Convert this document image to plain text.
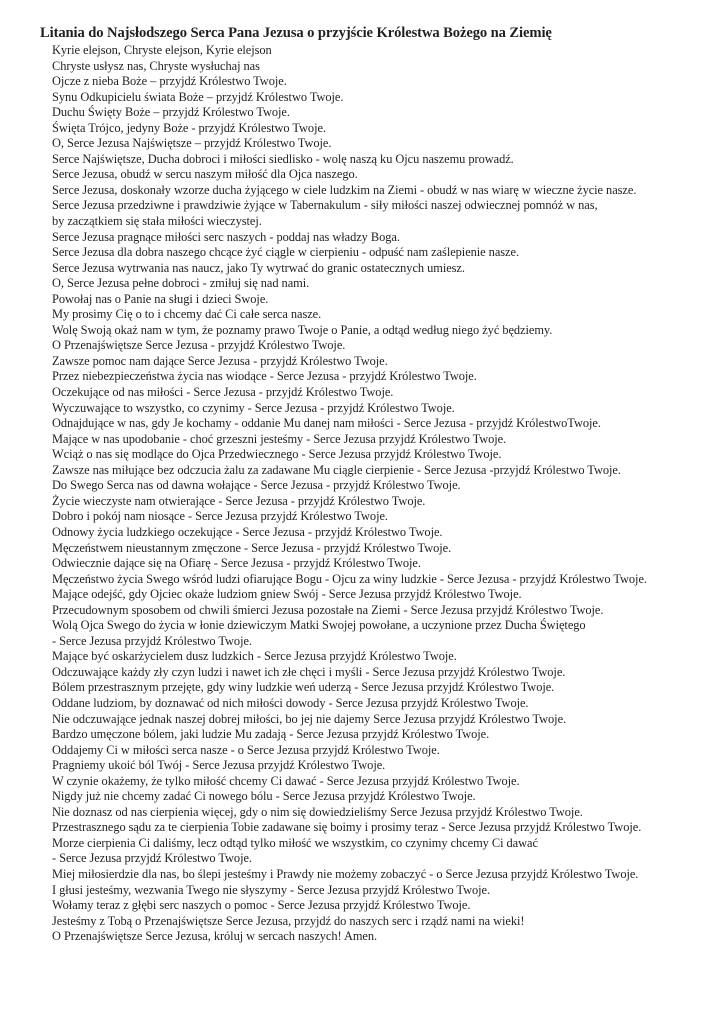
Litania do Najsłodszego Serca Pana Jezusa o przyjście Królestwa Bożego na Ziemię
Kyrie elejson, Chryste elejson, Kyrie elejson
Chryste usłysz nas, Chryste wysłuchaj nas
Ojcze z nieba Boże – przyjdź Królestwo Twoje.
Synu Odkupicielu świata Boże – przyjdź Królestwo Twoje.
Duchu Święty Boże – przyjdź Królestwo Twoje.
Święta Trójco, jedyny Boże - przyjdź Królestwo Twoje.
O, Serce Jezusa Najświętsze – przyjdź Królestwo Twoje.
Serce Najświętsze, Ducha dobroci i miłości siedlisko - wolę naszą ku Ojcu naszemu prowadź.
Serce Jezusa, obudź w sercu naszym miłość dla Ojca naszego.
Serce Jezusa, doskonały wzorze ducha żyjącego w ciele ludzkim na Ziemi - obudź w nas wiarę w wieczne życie nasze.
Serce Jezusa przedziwne i prawdziwie żyjące w Tabernakulum - siły miłości naszej odwiecznej pomnóż w nas,
by zaczątkiem się stała miłości wieczystej.
Serce Jezusa pragnące miłości serc naszych - poddaj nas władzy Boga.
Serce Jezusa dla dobra naszego chcące żyć ciągle w cierpieniu - odpuść nam zaślepienie nasze.
Serce Jezusa wytrwania nas naucz, jako Ty wytrwać do granic ostatecznych umiesz.
O, Serce Jezusa pełne dobroci - zmiłuj się nad nami.
Powołaj nas o Panie na sługi i dzieci Swoje.
My prosimy Cię o to i chcemy dać Ci całe serca nasze.
Wolę Swoją okaż nam w tym, że poznamy prawo Twoje o Panie, a odtąd według niego żyć będziemy.
O Przenajświętsze Serce Jezusa - przyjdź Królestwo Twoje.
Zawsze pomoc nam dające Serce Jezusa - przyjdź Królestwo Twoje.
Przez niebezpieczeństwa życia nas wiodące - Serce Jezusa - przyjdź Królestwo Twoje.
Oczekujące od nas miłości - Serce Jezusa - przyjdź Królestwo Twoje.
Wyczuwające to wszystko, co czynimy - Serce Jezusa - przyjdź Królestwo Twoje.
Odnajdujące w nas, gdy Je kochamy - oddanie Mu danej nam miłości - Serce Jezusa - przyjdź KrólestwoTwoje.
Mające w nas upodobanie - choć grzeszni jesteśmy - Serce Jezusa przyjdź Królestwo Twoje.
Wciąż o nas się modlące do Ojca Przedwiecznego - Serce Jezusa przyjdź Królestwo Twoje.
Zawsze nas miłujące bez odczucia żalu za zadawane Mu ciągle cierpienie - Serce Jezusa -przyjdź Królestwo Twoje.
Do Swego Serca nas od dawna wołające - Serce Jezusa - przyjdź Królestwo Twoje.
Życie wieczyste nam otwierające - Serce Jezusa - przyjdź Królestwo Twoje.
Dobro i pokój nam niosące - Serce Jezusa przyjdź Królestwo Twoje.
Odnowy życia ludzkiego oczekujące - Serce Jezusa - przyjdź Królestwo Twoje.
Męczeństwem nieustannym zmęczone - Serce Jezusa - przyjdź Królestwo Twoje.
Odwiecznie dające się na Ofiarę - Serce Jezusa - przyjdź Królestwo Twoje.
Męczeństwo życia Swego wśród ludzi ofiarujące Bogu - Ojcu za winy ludzkie - Serce Jezusa - przyjdź Królestwo Twoje.
Mające odejść, gdy Ojciec okaże ludziom gniew Swój - Serce Jezusa przyjdź Królestwo Twoje.
Przecudownym sposobem od chwili śmierci Jezusa pozostałe na Ziemi - Serce Jezusa przyjdź Królestwo Twoje.
Wolą Ojca Swego do życia w łonie dziewiczym Matki Swojej powołane, a uczynione przez Ducha Świętego
- Serce Jezusa przyjdź Królestwo Twoje.
Mające być oskarżycielem dusz ludzkich - Serce Jezusa przyjdź Królestwo Twoje.
Odczuwające każdy zły czyn ludzi i nawet ich złe chęci i myśli - Serce Jezusa przyjdź Królestwo Twoje.
Bólem przestrasznym przejęte, gdy winy ludzkie weń uderzą - Serce Jezusa przyjdź Królestwo Twoje.
Oddane ludziom, by doznawać od nich miłości dowody - Serce Jezusa przyjdź Królestwo Twoje.
Nie odczuwające jednak naszej dobrej miłości, bo jej nie dajemy Serce Jezusa przyjdź Królestwo Twoje.
Bardzo umęczone bólem, jaki ludzie Mu zadają - Serce Jezusa przyjdź Królestwo Twoje.
Oddajemy Ci w miłości serca nasze - o Serce Jezusa przyjdź Królestwo Twoje.
Pragniemy ukoić ból Twój - Serce Jezusa przyjdź Królestwo Twoje.
W czynie okażemy, że tylko miłość chcemy Ci dawać - Serce Jezusa przyjdź Królestwo Twoje.
Nigdy już nie chcemy zadać Ci nowego bólu - Serce Jezusa przyjdź Królestwo Twoje.
Nie doznasz od nas cierpienia więcej, gdy o nim się dowiedzieliśmy Serce Jezusa przyjdź Królestwo Twoje.
Przestrasznego sądu za te cierpienia Tobie zadawane się boimy i prosimy teraz - Serce Jezusa przyjdź Królestwo Twoje.
Morze cierpienia Ci daliśmy, lecz odtąd tylko miłość we wszystkim, co czynimy chcemy Ci dawać
- Serce Jezusa przyjdź Królestwo Twoje.
Miej miłosierdzie dla nas, bo ślepi jesteśmy i Prawdy nie możemy zobaczyć - o Serce Jezusa przyjdź Królestwo Twoje.
I głusi jesteśmy, wezwania Twego nie słyszymy - Serce Jezusa przyjdź Królestwo Twoje.
Wołamy teraz z głębi serc naszych o pomoc - Serce Jezusa przyjdź Królestwo Twoje.
Jesteśmy z Tobą o Przenajświętsze Serce Jezusa, przyjdź do naszych serc i rządź nami na wieki!
O Przenajświętsze Serce Jezusa, króluj w sercach naszych! Amen.
